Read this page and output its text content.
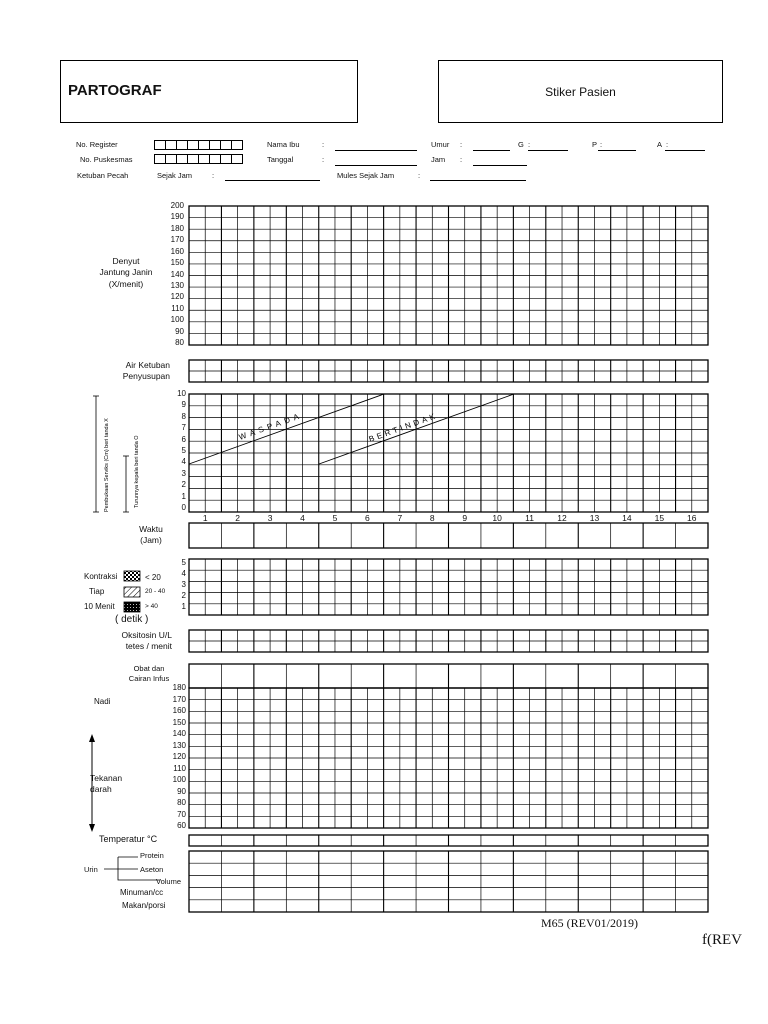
PARTOGRAF	Stiker Pasien
No. Register
No. Puskesmas
Ketuban Pecah	Sejak Jam	:
Nama Ibu	:
Tanggal	:
Mules Sejak Jam	:
Umur :	G :	P :	A :
Jam :
Denyut
Jantung Janin
(X/menit)
Air Ketuban
Penyusupan
Waktu
(Jam)
Kontraksi
Tiap
10 Menit
< 20
20 - 40
> 40
( detik )
Oksitosin U/L
tetes / menit
Obat dan
Cairan Infus
Nadi
Tekanan
darah
Temperatur °C
Urin
Protein
Aseton
Volume
Minuman/cc
Makan/porsi
WASPADA	BERTINDAK
Pembukaan Serviks (Cm) beri tanda X	Turunnya kepala beri tanda O
200
190
180
170
160
150
140
130
120
110
100
90
80
10
9
8
7
6
5
4
3
2
1
0
1	2	3	4	5	6	7	8	9	10	11	12	13	14	15	16
5
4
3
2
1
180
170
160
150
140
130
120
110
100
90
80
70
60
M65 (REV01/2019)
f(REV
